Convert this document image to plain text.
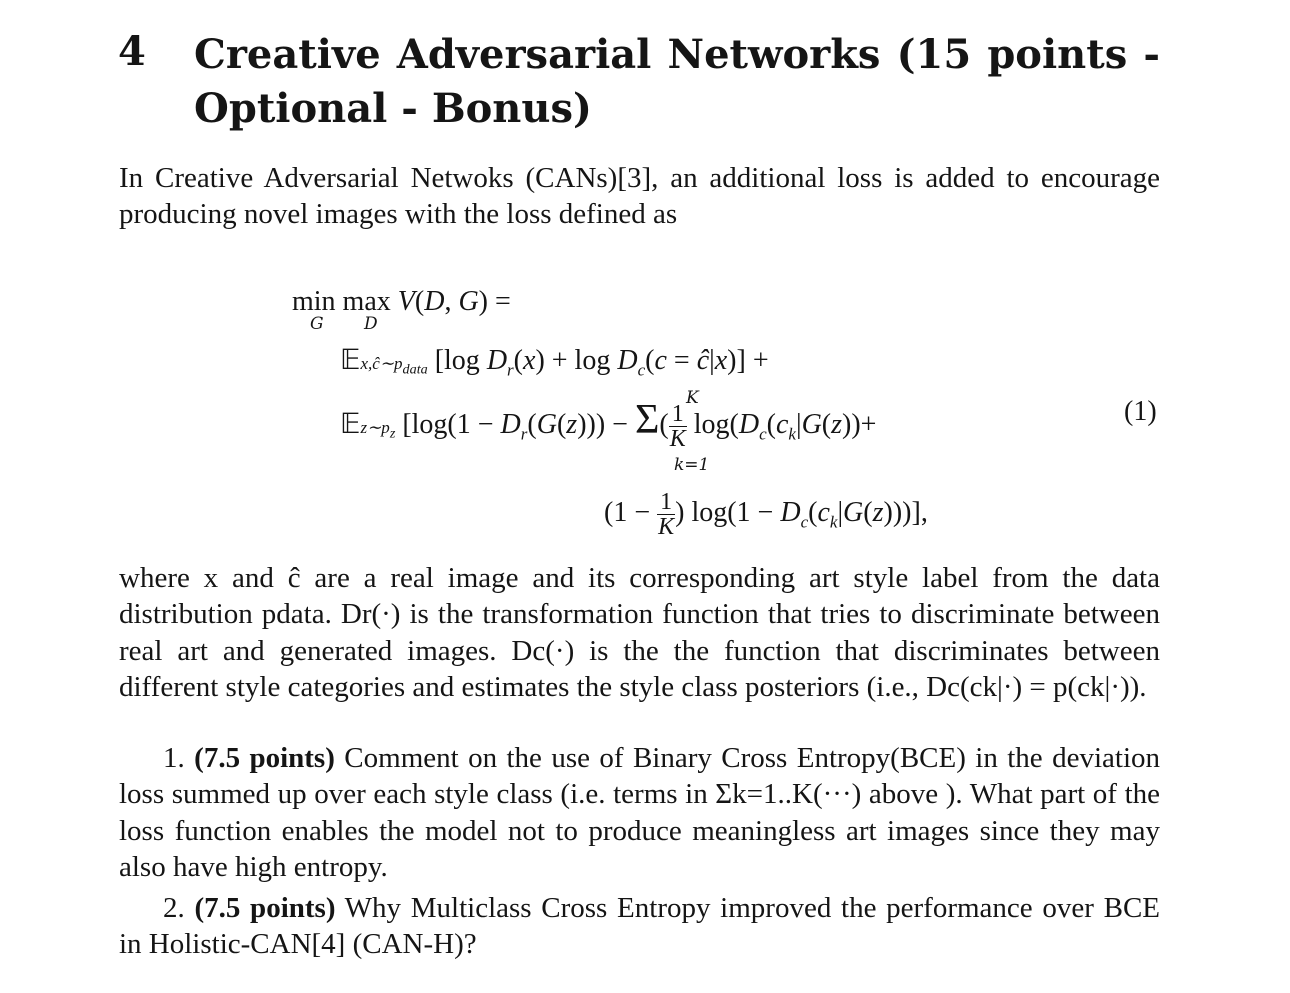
4 Creative Adversarial Networks (15 points - Optional - Bonus)
In Creative Adversarial Netwoks (CANs)[3], an additional loss is added to encourage producing novel images with the loss defined as
min max V(D, G) =
G D
$𝔼x,ĉ\sim p_{data}$ [log $D_r(x) + \log D_c(c$ = ĉ|x)] +
K
$𝔼z\sim p_z$ [$\log(1 - D_r(G(z))) - \Sigma( \frac{1}{K} \log(D_c(c_k|G(z))+$
k=1
($1 - \frac{1}{K}$ ) $\log(1 - D_c(c_k|G(z)))$],
(1)
where x and ĉ are a real image and its corresponding art style label from the data distribution pdata. Dr(·) is the transformation function that tries to discriminate between real art and generated images. Dc(·) is the the function that discriminates between different style categories and estimates the style class posteriors (i.e., Dc(ck|·) = p(ck|·)).
1. (7.5 points) Comment on the use of Binary Cross Entropy(BCE) in the deviation loss summed up over each style class (i.e. terms in Σk=1..K(···) above ). What part of the loss function enables the model not to produce meaningless art images since they may also have high entropy.
2. (7.5 points) Why Multiclass Cross Entropy improved the performance over BCE in Holistic-CAN[4] (CAN-H)?
